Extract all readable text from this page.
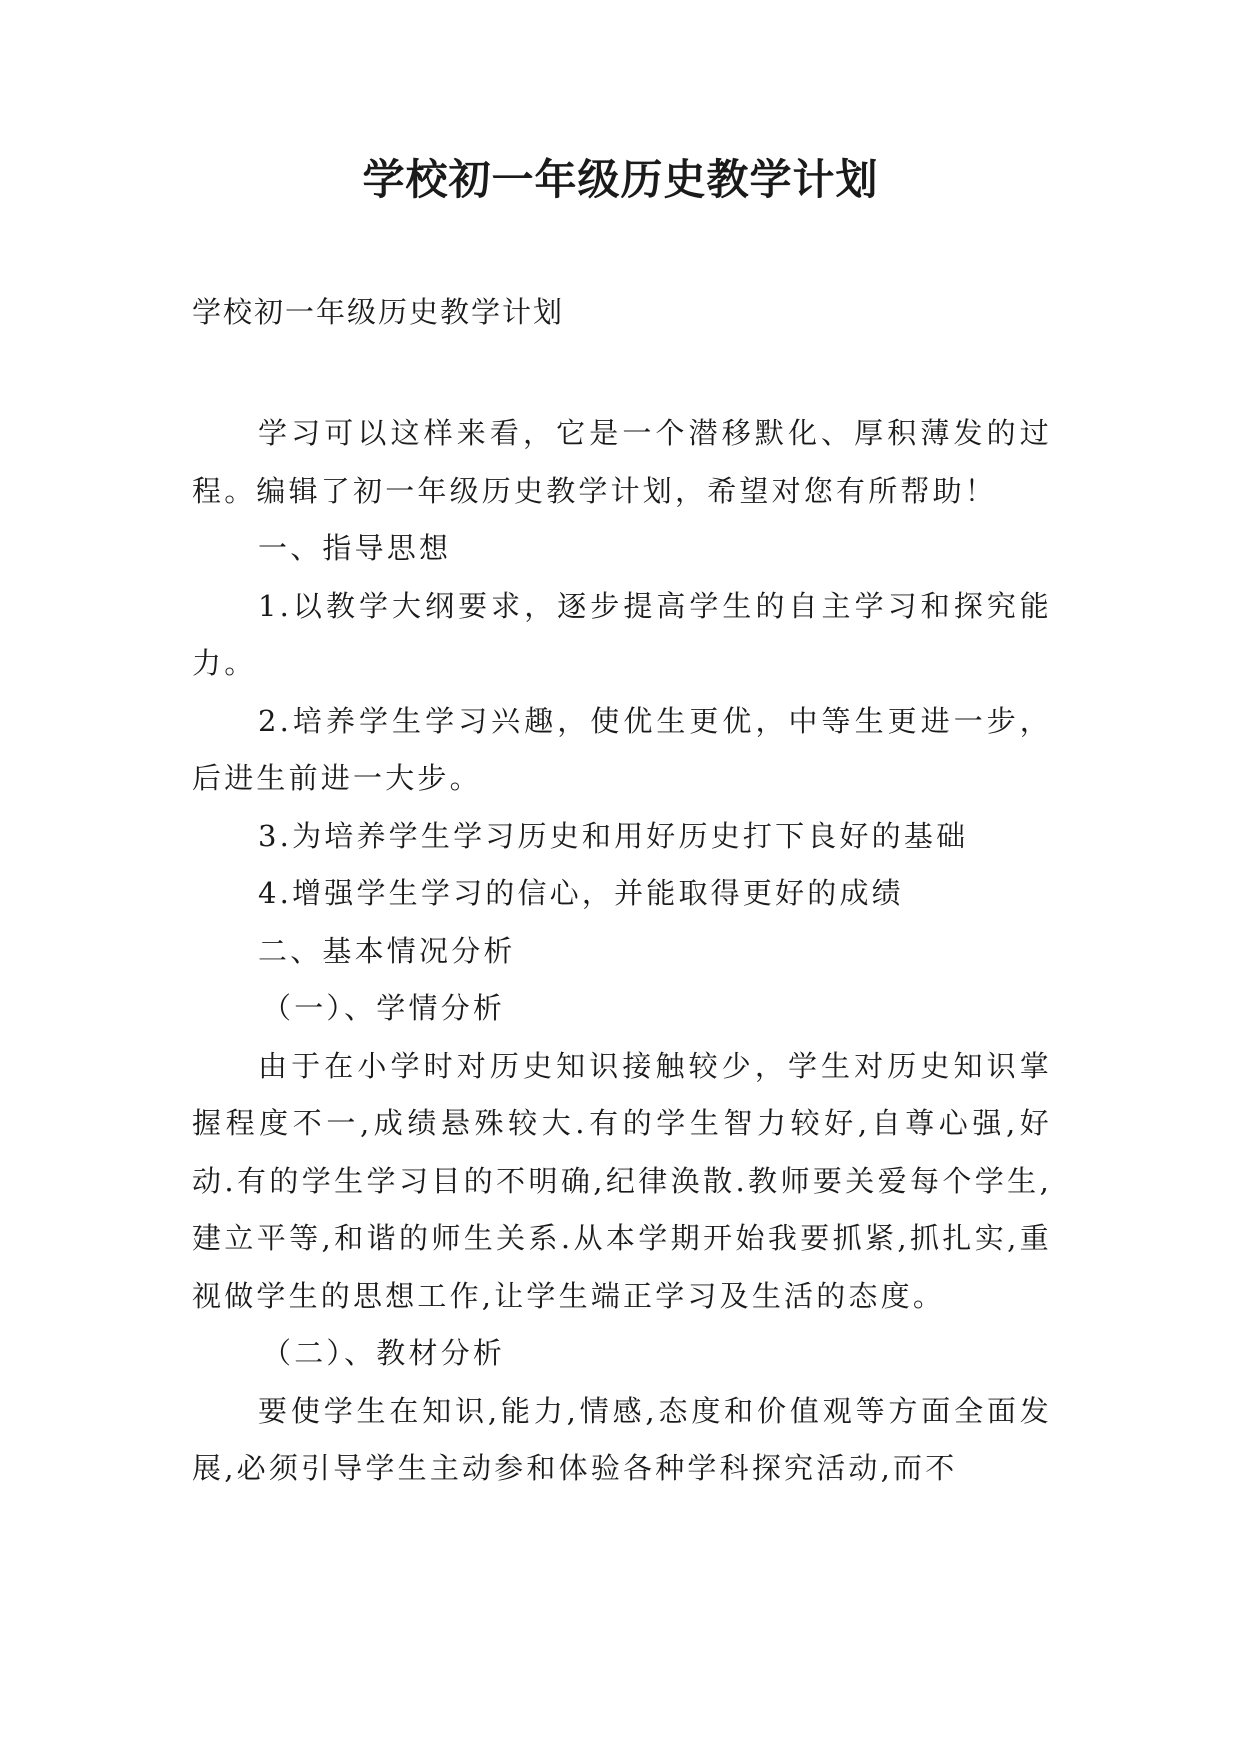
学校初一年级历史教学计划

学校初一年级历史教学计划

学习可以这样来看，它是一个潜移默化、厚积薄发的过程。编辑了初一年级历史教学计划，希望对您有所帮助！

一、指导思想

1.以教学大纲要求，逐步提高学生的自主学习和探究能力。

2.培养学生学习兴趣，使优生更优，中等生更进一步，后进生前进一大步。

3.为培养学生学习历史和用好历史打下良好的基础

4.增强学生学习的信心，并能取得更好的成绩

二、基本情况分析

（一）、学情分析

由于在小学时对历史知识接触较少，学生对历史知识掌握程度不一,成绩悬殊较大.有的学生智力较好,自尊心强,好动.有的学生学习目的不明确,纪律涣散.教师要关爱每个学生,建立平等,和谐的师生关系.从本学期开始我要抓紧,抓扎实,重视做学生的思想工作,让学生端正学习及生活的态度。

（二）、教材分析

要使学生在知识,能力,情感,态度和价值观等方面全面发展,必须引导学生主动参和体验各种学科探究活动,而不
